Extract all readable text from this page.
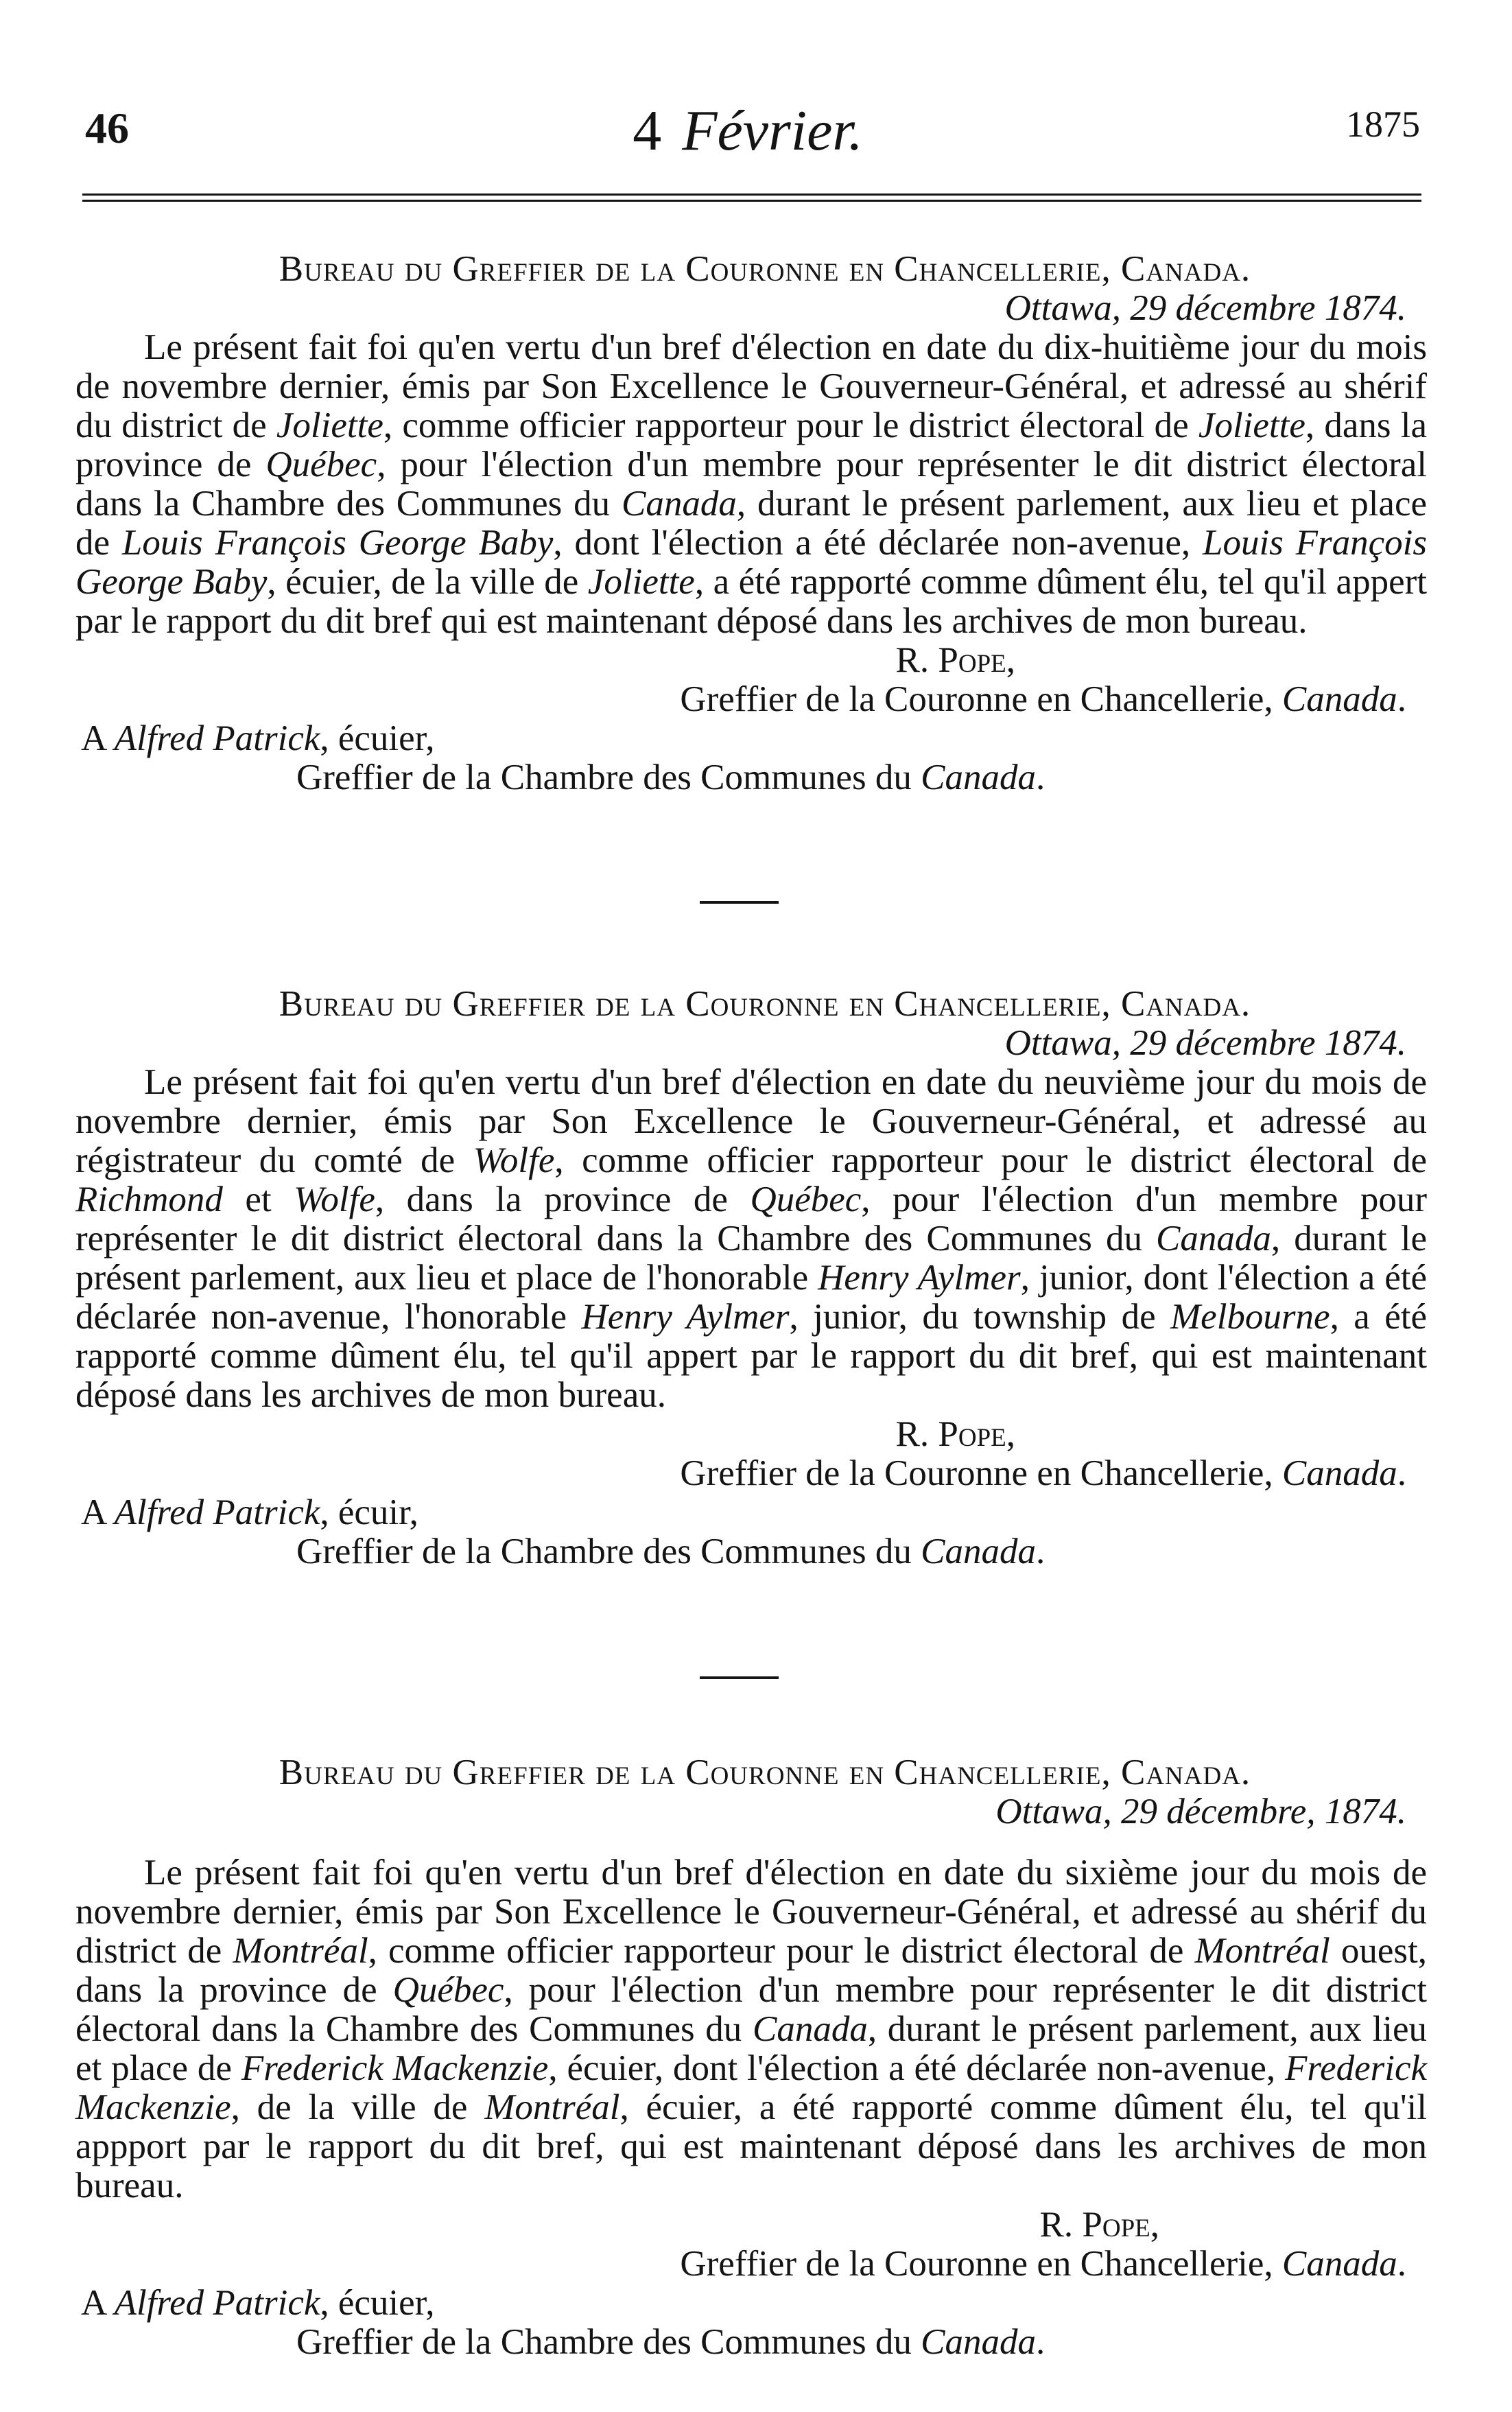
46	4 Février.	1875
Bureau du Greffier de la Couronne en Chancellerie, Canada.
Ottawa, 29 décembre 1874.

Le présent fait foi qu'en vertu d'un bref d'élection en date du dix-huitième jour du mois de novembre dernier, émis par Son Excellence le Gouverneur-Général, et adressé au shérif du district de Joliette, comme officier rapporteur pour le district électoral de Joliette, dans la province de Québec, pour l'élection d'un membre pour représenter le dit district électoral dans la Chambre des Communes du Canada, durant le présent parlement, aux lieu et place de Louis François George Baby, dont l'élection a été déclarée non-avenue, Louis François George Baby, écuier, de la ville de Joliette, a été rapporté comme dûment élu, tel qu'il appert par le rapport du dit bref qui est maintenant déposé dans les archives de mon bureau.

R. Pope,
Greffier de la Couronne en Chancellerie, Canada.
A Alfred Patrick, écuier,
Greffier de la Chambre des Communes du Canada.
Bureau du Greffier de la Couronne en Chancellerie, Canada.
Ottawa, 29 décembre 1874.

Le présent fait foi qu'en vertu d'un bref d'élection en date du neuvième jour du mois de novembre dernier, émis par Son Excellence le Gouverneur-Général, et adressé au régistrateur du comté de Wolfe, comme officier rapporteur pour le district électoral de Richmond et Wolfe, dans la province de Québec, pour l'élection d'un membre pour représenter le dit district électoral dans la Chambre des Communes du Canada, durant le présent parlement, aux lieu et place de l'honorable Henry Aylmer, junior, dont l'élection a été déclarée non-avenue, l'honorable Henry Aylmer, junior, du township de Melbourne, a été rapporté comme dûment élu, tel qu'il appert par le rapport du dit bref, qui est maintenant déposé dans les archives de mon bureau.

R. Pope,
Greffier de la Couronne en Chancellerie, Canada.
A Alfred Patrick, écuir,
Greffier de la Chambre des Communes du Canada.
Bureau du Greffier de la Couronne en Chancellerie, Canada.
Ottawa, 29 décembre, 1874.

Le présent fait foi qu'en vertu d'un bref d'élection en date du sixième jour du mois de novembre dernier, émis par Son Excellence le Gouverneur-Général, et adressé au shérif du district de Montréal, comme officier rapporteur pour le district électoral de Montréal ouest, dans la province de Québec, pour l'élection d'un membre pour représenter le dit district électoral dans la Chambre des Communes du Canada, durant le présent parlement, aux lieu et place de Frederick Mackenzie, écuier, dont l'élection a été déclarée non-avenue, Frederick Mackenzie, de la ville de Montréal, écuier, a été rapporté comme dûment élu, tel qu'il appport par le rapport du dit bref, qui est maintenant déposé dans les archives de mon bureau.

R. Pope,
Greffier de la Couronne en Chancellerie, Canada.
A Alfred Patrick, écuier,
Greffier de la Chambre des Communes du Canada.
